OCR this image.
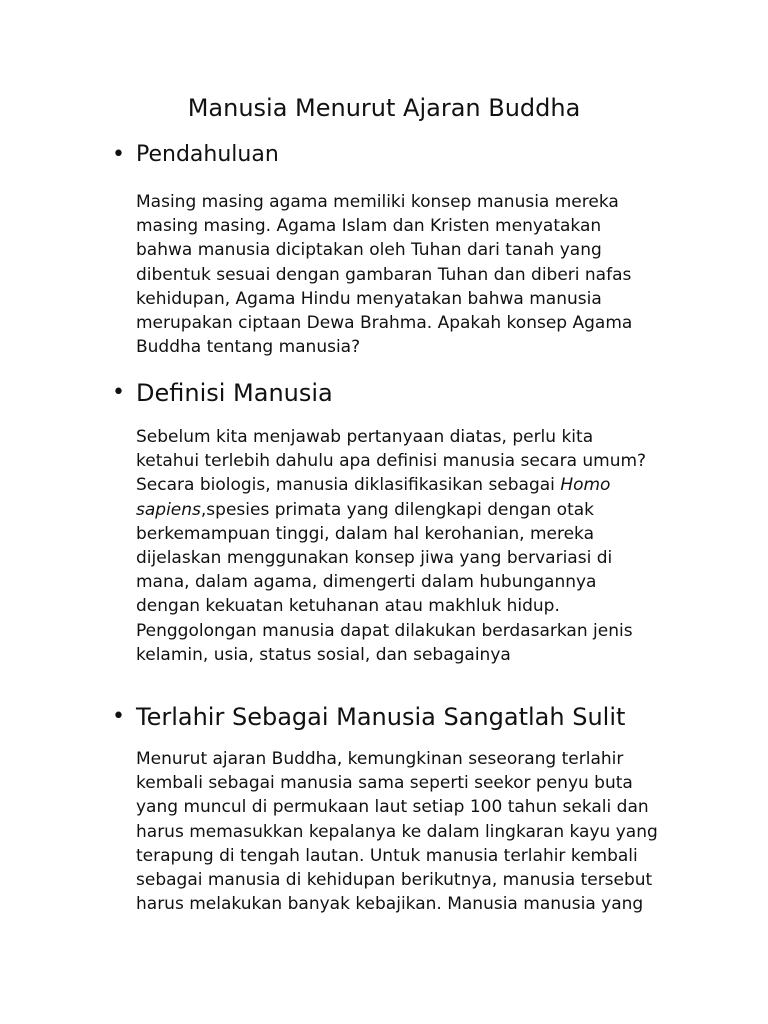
Manusia Menurut Ajaran Buddha
• Pendahuluan

Masing masing agama memiliki konsep manusia mereka
masing masing. Agama Islam dan Kristen menyatakan
bahwa manusia diciptakan oleh Tuhan dari tanah yang
dibentuk sesuai dengan gambaran Tuhan dan diberi nafas
kehidupan, Agama Hindu menyatakan bahwa manusia
merupakan ciptaan Dewa Brahma. Apakah konsep Agama
Buddha tentang manusia?

• Definisi Manusia

Sebelum kita menjawab pertanyaan diatas, perlu kita
ketahui terlebih dahulu apa definisi manusia secara umum?
Secara biologis, manusia diklasifikasikan sebagai Homo
sapiens,spesies primata yang dilengkapi dengan otak
berkemampuan tinggi, dalam hal kerohanian, mereka
dijelaskan menggunakan konsep jiwa yang bervariasi di
mana, dalam agama, dimengerti dalam hubungannya
dengan kekuatan ketuhanan atau makhluk hidup.
Penggolongan manusia dapat dilakukan berdasarkan jenis
kelamin, usia, status sosial, dan sebagainya

• Terlahir Sebagai Manusia Sangatlah Sulit

Menurut ajaran Buddha, kemungkinan seseorang terlahir
kembali sebagai manusia sama seperti seekor penyu buta
yang muncul di permukaan laut setiap 100 tahun sekali dan
harus memasukkan kepalanya ke dalam lingkaran kayu yang
terapung di tengah lautan. Untuk manusia terlahir kembali
sebagai manusia di kehidupan berikutnya, manusia tersebut
harus melakukan banyak kebajikan. Manusia manusia yang
